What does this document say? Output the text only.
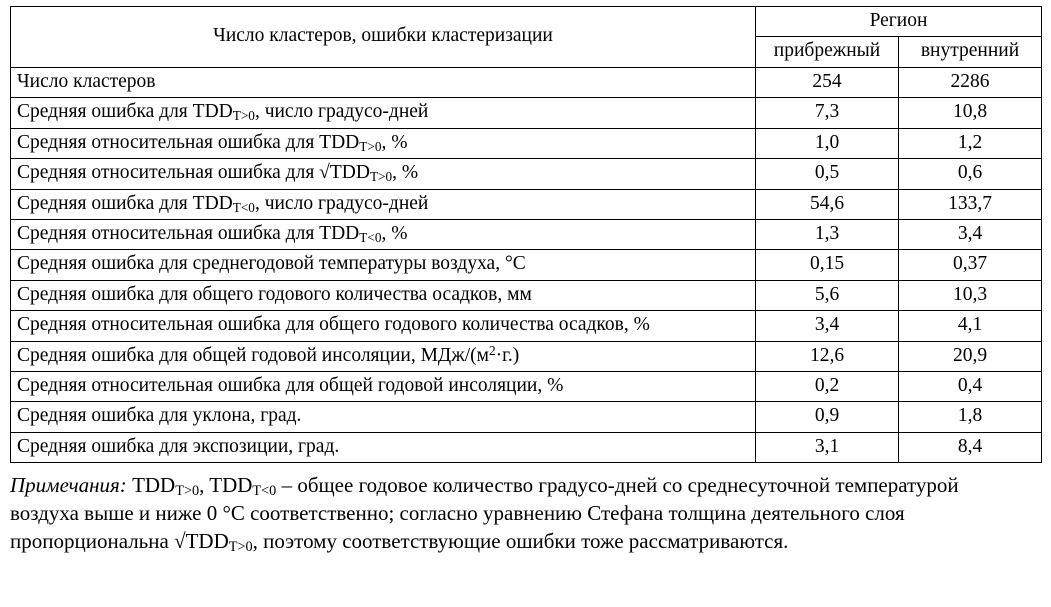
Число кластеров, ошибки кластеризации	Регион	
	прибрежный	внутренний
Число кластеров	254	2286
Средняя ошибка для $TDD_{T>0}$, число градусо-дней	7,3	10,8
Средняя относительная ошибка для $TDD_{T>0}$, %	1,0	1,2
Средняя относительная ошибка для $√TDD_{T>0}$, %	0,5	0,6
Средняя ошибка для $TDD_{T<0}$, число градусо-дней	54,6	133,7
Средняя относительная ошибка для $TDD_{T<0}$, %	1,3	3,4
Средняя ошибка для среднегодовой температуры воздуха, °С	0,15	0,37
Средняя ошибка для общего годового количества осадков, мм	5,6	10,3
Средняя относительная ошибка для общего годового количества осадков, %	3,4	4,1
Средняя ошибка для общей годовой инсоляции, МДж/$(м^2\cdot г.)$	12,6	20,9
Средняя относительная ошибка для общей годовой инсоляции, %	0,2	0,4
Средняя ошибка для уклона, град.	0,9	1,8
Средняя ошибка для экспозиции, град.	3,1	8,4

Примечания: $TDD_{T>0}$, $TDD_{T<0}$ – общее годовое количество градусо-дней со среднесуточной температурой воздуха выше и ниже 0 °С соответственно; согласно уравнению Стефана толщина деятельного слоя пропорциональна $√TDD_{T>0}$, поэтому соответствующие ошибки тоже рассматриваются.
